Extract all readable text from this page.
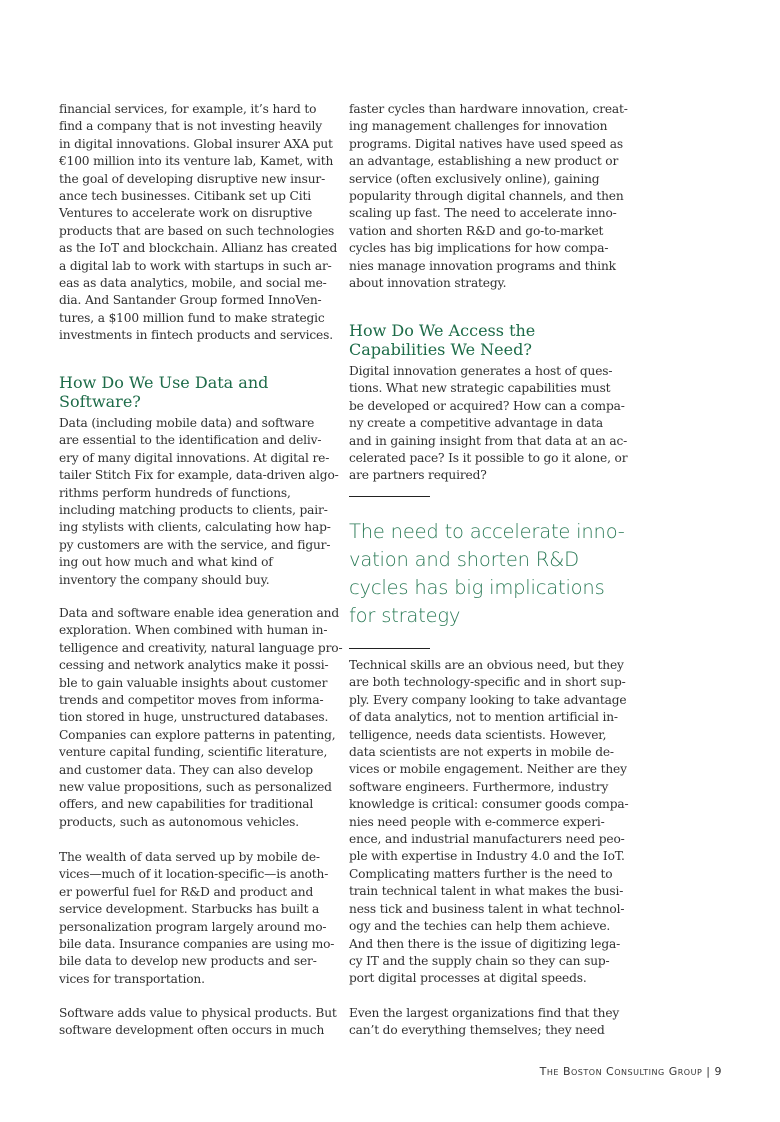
financial services, for example, it’s hard to
find a company that is not investing heavily
in digital innovations. Global insurer AXA put
€100 million into its venture lab, Kamet, with
the goal of developing disruptive new insur-
ance tech businesses. Citibank set up Citi
Ventures to accelerate work on disruptive
products that are based on such technologies
as the IoT and blockchain. Allianz has created
a digital lab to work with startups in such ar-
eas as data analytics, mobile, and social me-
dia. And Santander Group formed InnoVen-
tures, a $100 million fund to make strategic
investments in fintech products and services.
How Do We Use Data and
Software?
Data (including mobile data) and software
are essential to the identification and deliv-
ery of many digital innovations. At digital re-
tailer Stitch Fix for example, data-driven algo-
rithms perform hundreds of functions,
including matching products to clients, pair-
ing stylists with clients, calculating how hap-
py customers are with the service, and figur-
ing out how much and what kind of
inventory the company should buy.
Data and software enable idea generation and
exploration. When combined with human in-
telligence and creativity, natural language pro-
cessing and network analytics make it possi-
ble to gain valuable insights about customer
trends and competitor moves from informa-
tion stored in huge, unstructured databases.
Companies can explore patterns in patenting,
venture capital funding, scientific literature,
and customer data. They can also develop
new value propositions, such as personalized
offers, and new capabilities for traditional
products, such as autonomous vehicles.
The wealth of data served up by mobile de-
vices—much of it location-specific—is anoth-
er powerful fuel for R&D and product and
service development. Starbucks has built a
personalization program largely around mo-
bile data. Insurance companies are using mo-
bile data to develop new products and ser-
vices for transportation.
Software adds value to physical products. But
software development often occurs in much
faster cycles than hardware innovation, creat-
ing management challenges for innovation
programs. Digital natives have used speed as
an advantage, establishing a new product or
service (often exclusively online), gaining
popularity through digital channels, and then
scaling up fast. The need to accelerate inno-
vation and shorten R&D and go-to-market
cycles has big implications for how compa-
nies manage innovation programs and think
about innovation strategy.
How Do We Access the
Capabilities We Need?
Digital innovation generates a host of ques-
tions. What new strategic capabilities must
be developed or acquired? How can a compa-
ny create a competitive advantage in data
and in gaining insight from that data at an ac-
celerated pace? Is it possible to go it alone, or
are partners required?
The need to accelerate inno-
vation and shorten R&D
cycles has big implications
for strategy
Technical skills are an obvious need, but they
are both technology-specific and in short sup-
ply. Every company looking to take advantage
of data analytics, not to mention artificial in-
telligence, needs data scientists. However,
data scientists are not experts in mobile de-
vices or mobile engagement. Neither are they
software engineers. Furthermore, industry
knowledge is critical: consumer goods compa-
nies need people with e-commerce experi-
ence, and industrial manufacturers need peo-
ple with expertise in Industry 4.0 and the IoT.
Complicating matters further is the need to
train technical talent in what makes the busi-
ness tick and business talent in what technol-
ogy and the techies can help them achieve.
And then there is the issue of digitizing lega-
cy IT and the supply chain so they can sup-
port digital processes at digital speeds.
Even the largest organizations find that they
can’t do everything themselves; they need
The Boston Consulting Group | 9
